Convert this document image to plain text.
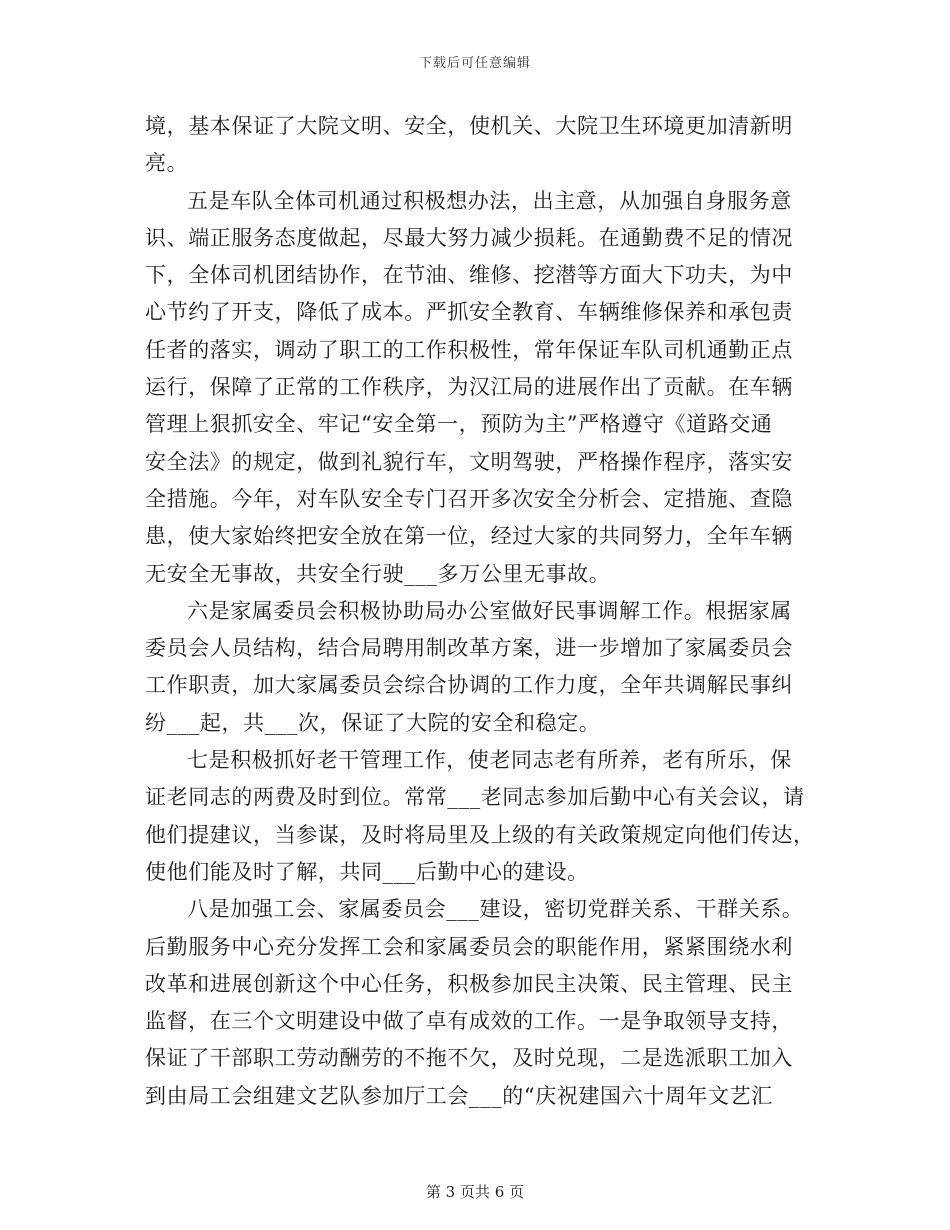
下载后可任意编辑
境，基本保证了大院文明、安全，使机关、大院卫生环境更加清新明
亮。
五是车队全体司机通过积极想办法，出主意，从加强自身服务意
识、端正服务态度做起，尽最大努力减少损耗。在通勤费不足的情况
下，全体司机团结协作，在节油、维修、挖潜等方面大下功夫，为中
心节约了开支，降低了成本。严抓安全教育、车辆维修保养和承包责
任者的落实，调动了职工的工作积极性，常年保证车队司机通勤正点
运行，保障了正常的工作秩序，为汉江局的进展作出了贡献。在车辆
管理上狠抓安全、牢记“安全第一，预防为主”严格遵守《道路交通
安全法》的规定，做到礼貌行车，文明驾驶，严格操作程序，落实安
全措施。今年，对车队安全专门召开多次安全分析会、定措施、查隐
患，使大家始终把安全放在第一位，经过大家的共同努力，全年车辆
无安全无事故，共安全行驶___多万公里无事故。
六是家属委员会积极协助局办公室做好民事调解工作。根据家属
委员会人员结构，结合局聘用制改革方案，进一步增加了家属委员会
工作职责，加大家属委员会综合协调的工作力度，全年共调解民事纠
纷___起，共___次，保证了大院的安全和稳定。
七是积极抓好老干管理工作，使老同志老有所养，老有所乐，保
证老同志的两费及时到位。常常___老同志参加后勤中心有关会议，请
他们提建议，当参谋，及时将局里及上级的有关政策规定向他们传达，
使他们能及时了解，共同___后勤中心的建设。
八是加强工会、家属委员会___建设，密切党群关系、干群关系。
后勤服务中心充分发挥工会和家属委员会的职能作用，紧紧围绕水利
改革和进展创新这个中心任务，积极参加民主决策、民主管理、民主
监督，在三个文明建设中做了卓有成效的工作。一是争取领导支持，
保证了干部职工劳动酬劳的不拖不欠，及时兑现，二是选派职工加入
到由局工会组建文艺队参加厅工会___的“庆祝建国六十周年文艺汇
第 3 页共 6 页
